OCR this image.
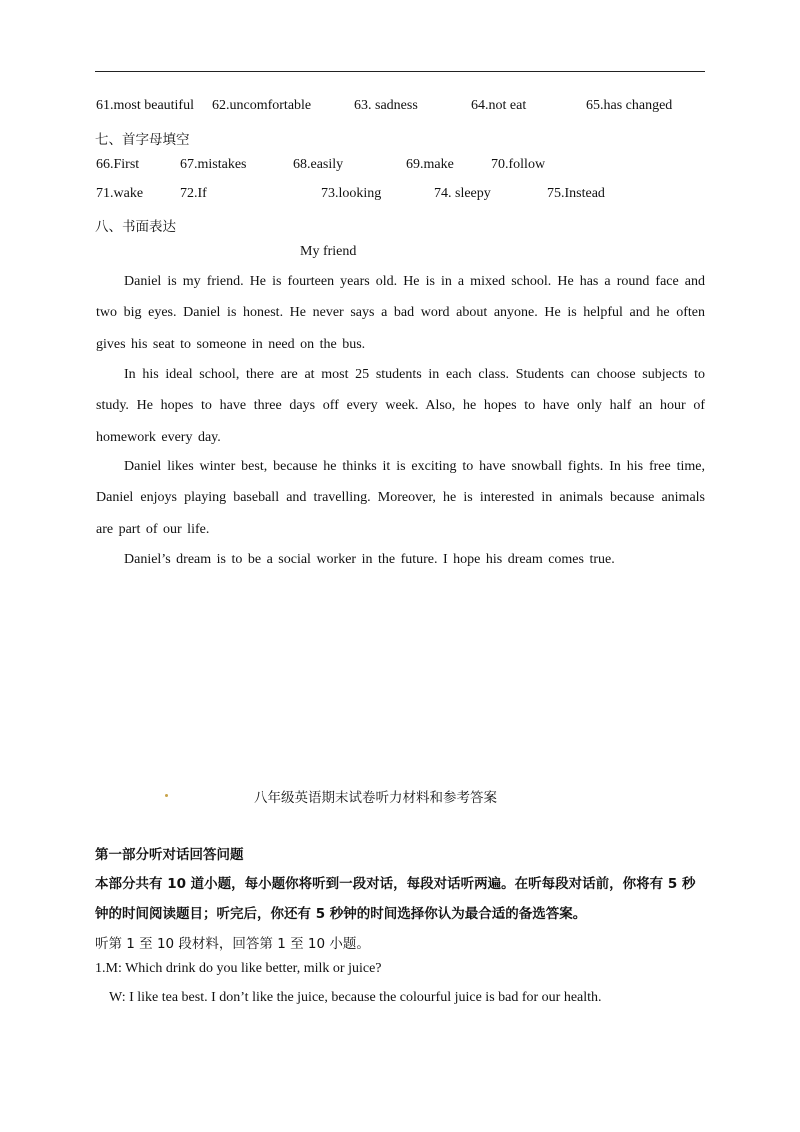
61.most beautiful 62.uncomfortable	63. sadness	64.not eat	65.has changed
七、首字母填空
66.First	67.mistakes	68.easily	69.make	70.follow
71.wake	72.If	73.looking	74. sleepy	75.Instead
八、书面表达
My friend
Daniel is my friend. He is fourteen years old. He is in a mixed school. He has a round face and two big eyes. Daniel is honest. He never says a bad word about anyone. He is helpful and he often gives his seat to someone in need on the bus.
In his ideal school, there are at most 25 students in each class. Students can choose subjects to study. He hopes to have three days off every week. Also, he hopes to have only half an hour of homework every day.
Daniel likes winter best, because he thinks it is exciting to have snowball fights. In his free time, Daniel enjoys playing baseball and travelling. Moreover, he is interested in animals because animals are part of our life.
Daniel’s dream is to be a social worker in the future. I hope his dream comes true.
八年级英语期末试卷听力材料和参考答案
第一部分听对话回答问题
本部分共有 10 道小题，每小题你将听到一段对话，每段对话听两遍。在听每段对话前，你将有 5 秒
钟的时间阅读题目；听完后，你还有 5 秒钟的时间选择你认为最合适的备选答案。
听第 1 至 10 段材料，回答第 1 至 10 小题。
1.M: Which drink do you like better, milk or juice?
W: I like tea best. I don’t like the juice, because the colourful juice is bad for our health.
